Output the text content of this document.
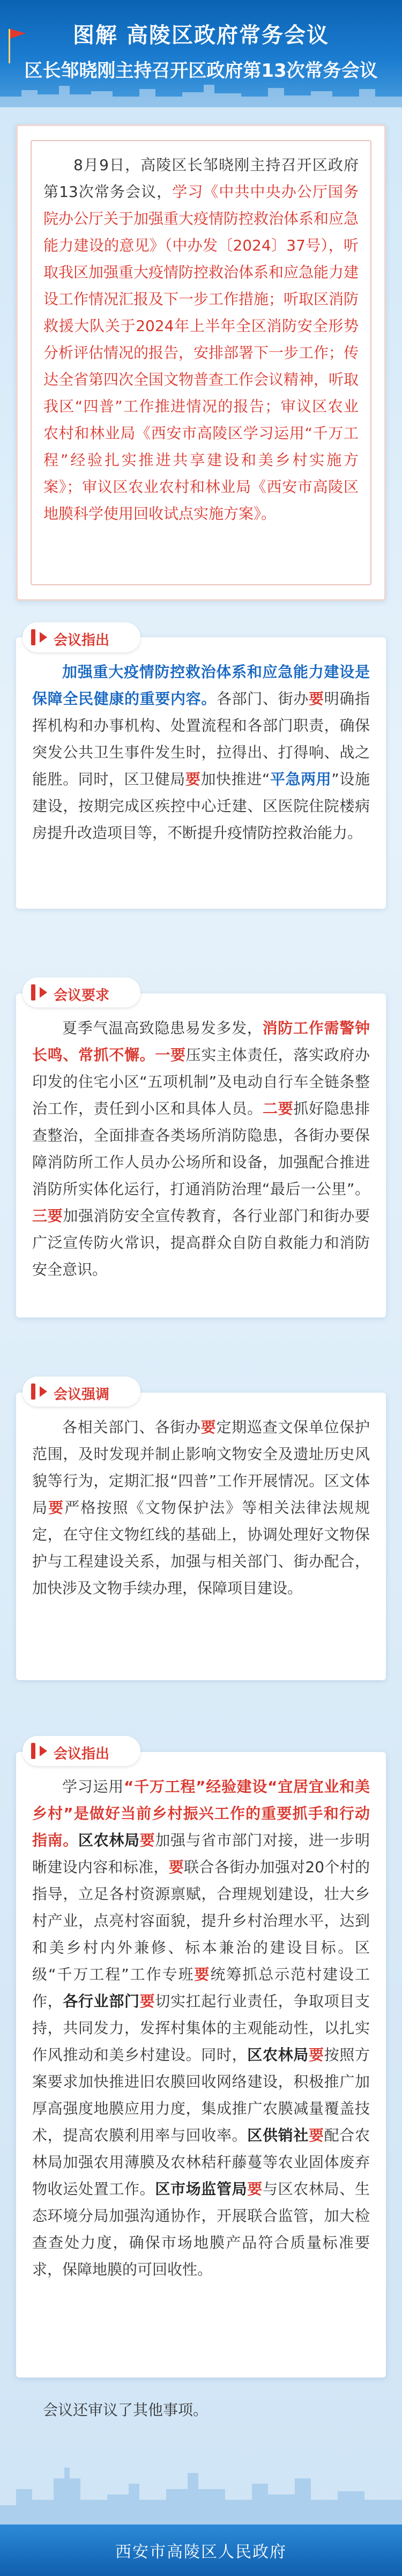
图解 高陵区政府常务会议
区长邹晓刚主持召开区政府第13次常务会议

8月9日，高陵区长邹晓刚主持召开区政府第13次常务会议，学习《中共中央办公厅国务院办公厅关于加强重大疫情防控救治体系和应急能力建设的意见》（中办发〔2024〕37号），听取我区加强重大疫情防控救治体系和应急能力建设工作情况汇报及下一步工作措施；听取区消防救援大队关于2024年上半年全区消防安全形势分析评估情况的报告，安排部署下一步工作；传达全省第四次全国文物普查工作会议精神，听取我区“四普”工作推进情况的报告；审议区农业农村和林业局《西安市高陵区学习运用“千万工程”经验扎实推进共享建设和美乡村实施方案》；审议区农业农村和林业局《西安市高陵区地膜科学使用回收试点实施方案》。

加强重大疫情防控救治体系和应急能力建设是保障全民健康的重要内容。各部门、街办要明确指挥机构和办事机构、处置流程和各部门职责，确保突发公共卫生事件发生时，拉得出、打得响、战之能胜。同时，区卫健局要加快推进“平急两用”设施建设，按期完成区疾控中心迁建、区医院住院楼病房提升改造项目等，不断提升疫情防控救治能力。

会议指出

夏季气温高致隐患易发多发，消防工作需警钟长鸣、常抓不懈。一要压实主体责任，落实政府办印发的住宅小区“五项机制”及电动自行车全链条整治工作，责任到小区和具体人员。二要抓好隐患排查整治，全面排查各类场所消防隐患，各街办要保障消防所工作人员办公场所和设备，加强配合推进消防所实体化运行，打通消防治理“最后一公里”。三要加强消防安全宣传教育，各行业部门和街办要广泛宣传防火常识，提高群众自防自救能力和消防安全意识。

会议要求

各相关部门、各街办要定期巡查文保单位保护范围，及时发现并制止影响文物安全及遗址历史风貌等行为，定期汇报“四普”工作开展情况。区文体局要严格按照《文物保护法》等相关法律法规规定，在守住文物红线的基础上，协调处理好文物保护与工程建设关系，加强与相关部门、街办配合，加快涉及文物手续办理，保障项目建设。

会议强调

学习运用“千万工程”经验建设“宜居宜业和美乡村”是做好当前乡村振兴工作的重要抓手和行动指南。区农林局要加强与省市部门对接，进一步明晰建设内容和标准，要联合各街办加强对20个村的指导，立足各村资源禀赋，合理规划建设，壮大乡村产业，点亮村容面貌，提升乡村治理水平，达到和美乡村内外兼修、标本兼治的建设目标。区级“千万工程”工作专班要统筹抓总示范村建设工作，各行业部门要切实扛起行业责任，争取项目支持，共同发力，发挥村集体的主观能动性，以扎实作风推动和美乡村建设。同时，区农林局要按照方案要求加快推进旧农膜回收网络建设，积极推广加厚高强度地膜应用力度，集成推广农膜减量覆盖技术，提高农膜利用率与回收率。区供销社要配合农林局加强农用薄膜及农林秸秆藤蔓等农业固体废弃物收运处置工作。区市场监管局要与区农林局、生态环境分局加强沟通协作，开展联合监管，加大检查查处力度，确保市场地膜产品符合质量标准要求，保障地膜的可回收性。

会议指出
会议还审议了其他事项。
西安市高陵区人民政府
